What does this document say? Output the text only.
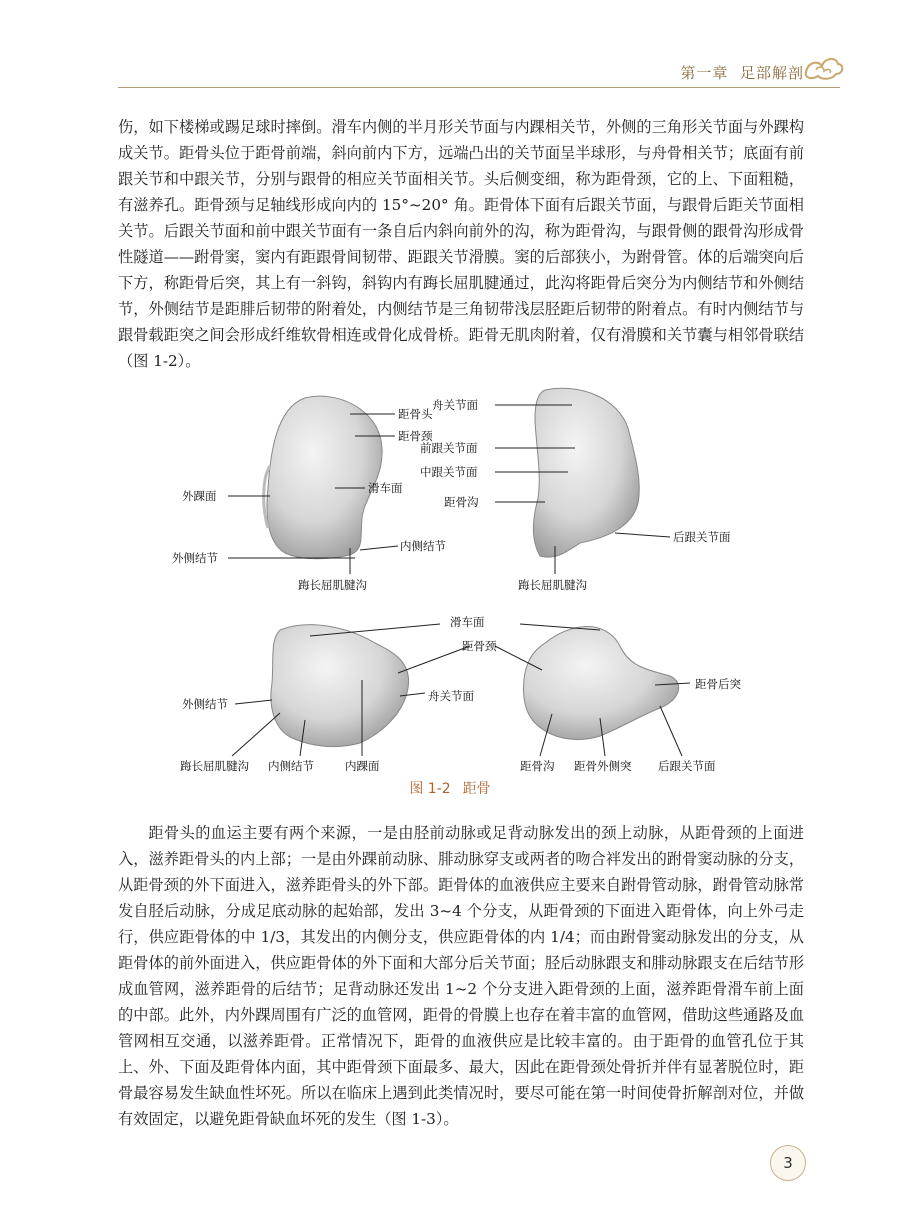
第一章 足部解剖

伤，如下楼梯或踢足球时摔倒。滑车内侧的半月形关节面与内踝相关节，外侧的三角形关节面与外踝构成关节。距骨头位于距骨前端，斜向前内下方，远端凸出的关节面呈半球形，与舟骨相关节；底面有前跟关节和中跟关节，分别与跟骨的相应关节面相关节。头后侧变细，称为距骨颈，它的上、下面粗糙，有滋养孔。距骨颈与足轴线形成向内的 15°~20° 角。距骨体下面有后跟关节面，与跟骨后距关节面相关节。后跟关节面和前中跟关节面有一条自后内斜向前外的沟，称为距骨沟，与跟骨侧的跟骨沟形成骨性隧道——跗骨窦，窦内有距跟骨间韧带、距跟关节滑膜。窦的后部狭小，为跗骨管。体的后端突向后下方，称距骨后突，其上有一斜钩，斜钩内有踇长屈肌腱通过，此沟将距骨后突分为内侧结节和外侧结节，外侧结节是距腓后韧带的附着处，内侧结节是三角韧带浅层胫距后韧带的附着点。有时内侧结节与跟骨载距突之间会形成纤维软骨相连或骨化成骨桥。距骨无肌肉附着，仅有滑膜和关节囊与相邻骨联结（图 1-2）。

距骨头
距骨颈
滑车面
外踝面
外侧结节
内侧结节
踇长屈肌腱沟
舟关节面
前跟关节面
中跟关节面
距骨沟
后跟关节面
踇长屈肌腱沟
滑车面
距骨颈
舟关节面
外侧结节
踇长屈肌腱沟 内侧结节	内踝面
距骨后突
距骨沟 距骨外侧突 后跟关节面
图 1-2 距骨

距骨头的血运主要有两个来源，一是由胫前动脉或足背动脉发出的颈上动脉，从距骨颈的上面进入，滋养距骨头的内上部；一是由外踝前动脉、腓动脉穿支或两者的吻合袢发出的跗骨窦动脉的分支，从距骨颈的外下面进入，滋养距骨头的外下部。距骨体的血液供应主要来自跗骨管动脉，跗骨管动脉常发自胫后动脉，分成足底动脉的起始部，发出 3~4 个分支，从距骨颈的下面进入距骨体，向上外弓走行，供应距骨体的中 1/3，其发出的内侧分支，供应距骨体的内 1/4；而由跗骨窦动脉发出的分支，从距骨体的前外面进入，供应距骨体的外下面和大部分后关节面；胫后动脉跟支和腓动脉跟支在后结节形成血管网，滋养距骨的后结节；足背动脉还发出 1~2 个分支进入距骨颈的上面，滋养距骨滑车前上面的中部。此外，内外踝周围有广泛的血管网，距骨的骨膜上也存在着丰富的血管网，借助这些通路及血管网相互交通，以滋养距骨。正常情况下，距骨的血液供应是比较丰富的。由于距骨的血管孔位于其上、外、下面及距骨体内面，其中距骨颈下面最多、最大，因此在距骨颈处骨折并伴有显著脱位时，距骨最容易发生缺血性坏死。所以在临床上遇到此类情况时，要尽可能在第一时间使骨折解剖对位，并做有效固定，以避免距骨缺血坏死的发生（图 1-3）。

3
